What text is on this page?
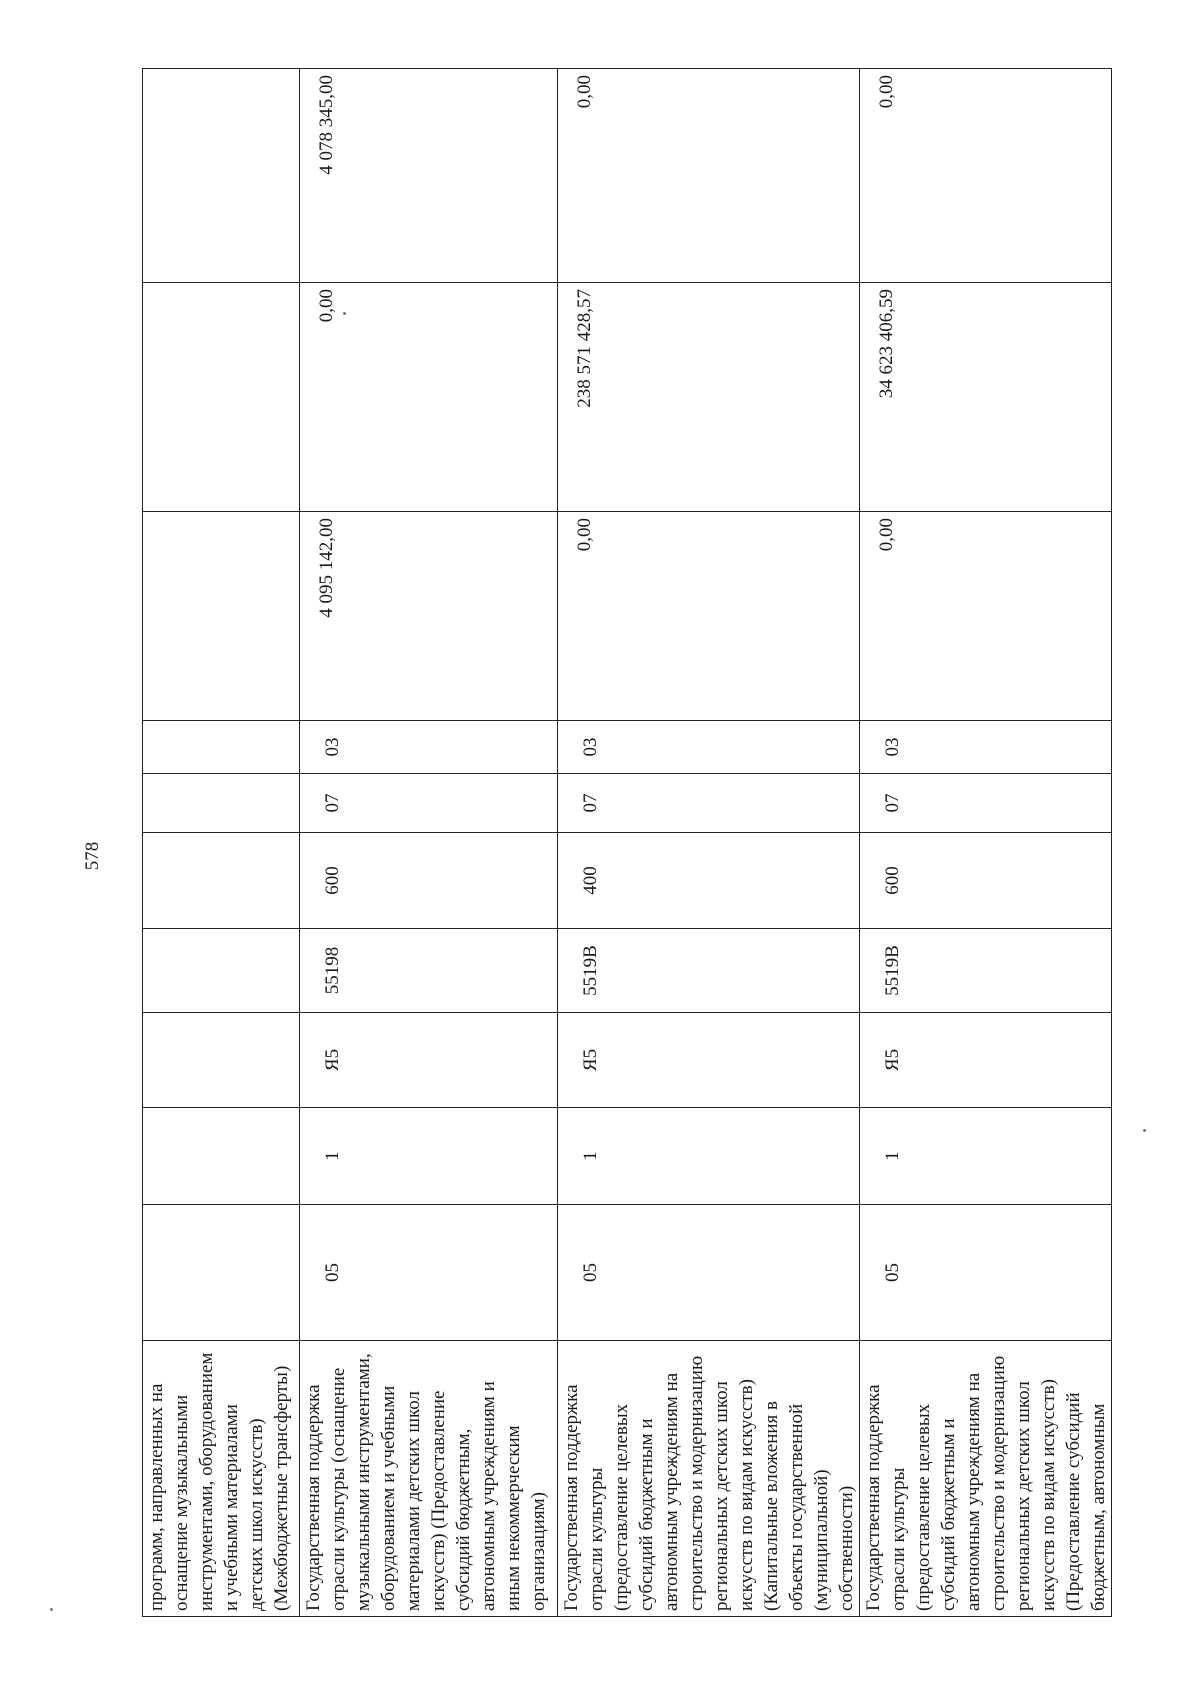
578
программ, направленных на оснащение музыкальными инструментами, оборудованием и учебными материалами детских школ искусств) (Межбюджетные трансферты)										
Государственная поддержка отрасли культуры (оснащение музыкальными инструментами, оборудованием и учебными материалами детских школ искусств) (Предоставление субсидий бюджетным, автономным учреждениям и иным некоммерческим организациям)	05	1	Я5	55198	600	07	03	4 095 142,00	0,00	4 078 345,00
Государственная поддержка отрасли культуры (предоставление целевых субсидий бюджетным и автономным учреждениям на строительство и модернизацию региональных детских школ искусств по видам искусств) (Капитальные вложения в объекты государственной (муниципальной) собственности)	05	1	Я5	5519В	400	07	03	0,00	238 571 428,57	0,00
Государственная поддержка отрасли культуры (предоставление целевых субсидий бюджетным и автономным учреждениям на строительство и модернизацию региональных детских школ искусств по видам искусств) (Предоставление субсидий бюджетным, автономным	05	1	Я5	5519В	600	07	03	0,00	34 623 406,59	0,00
